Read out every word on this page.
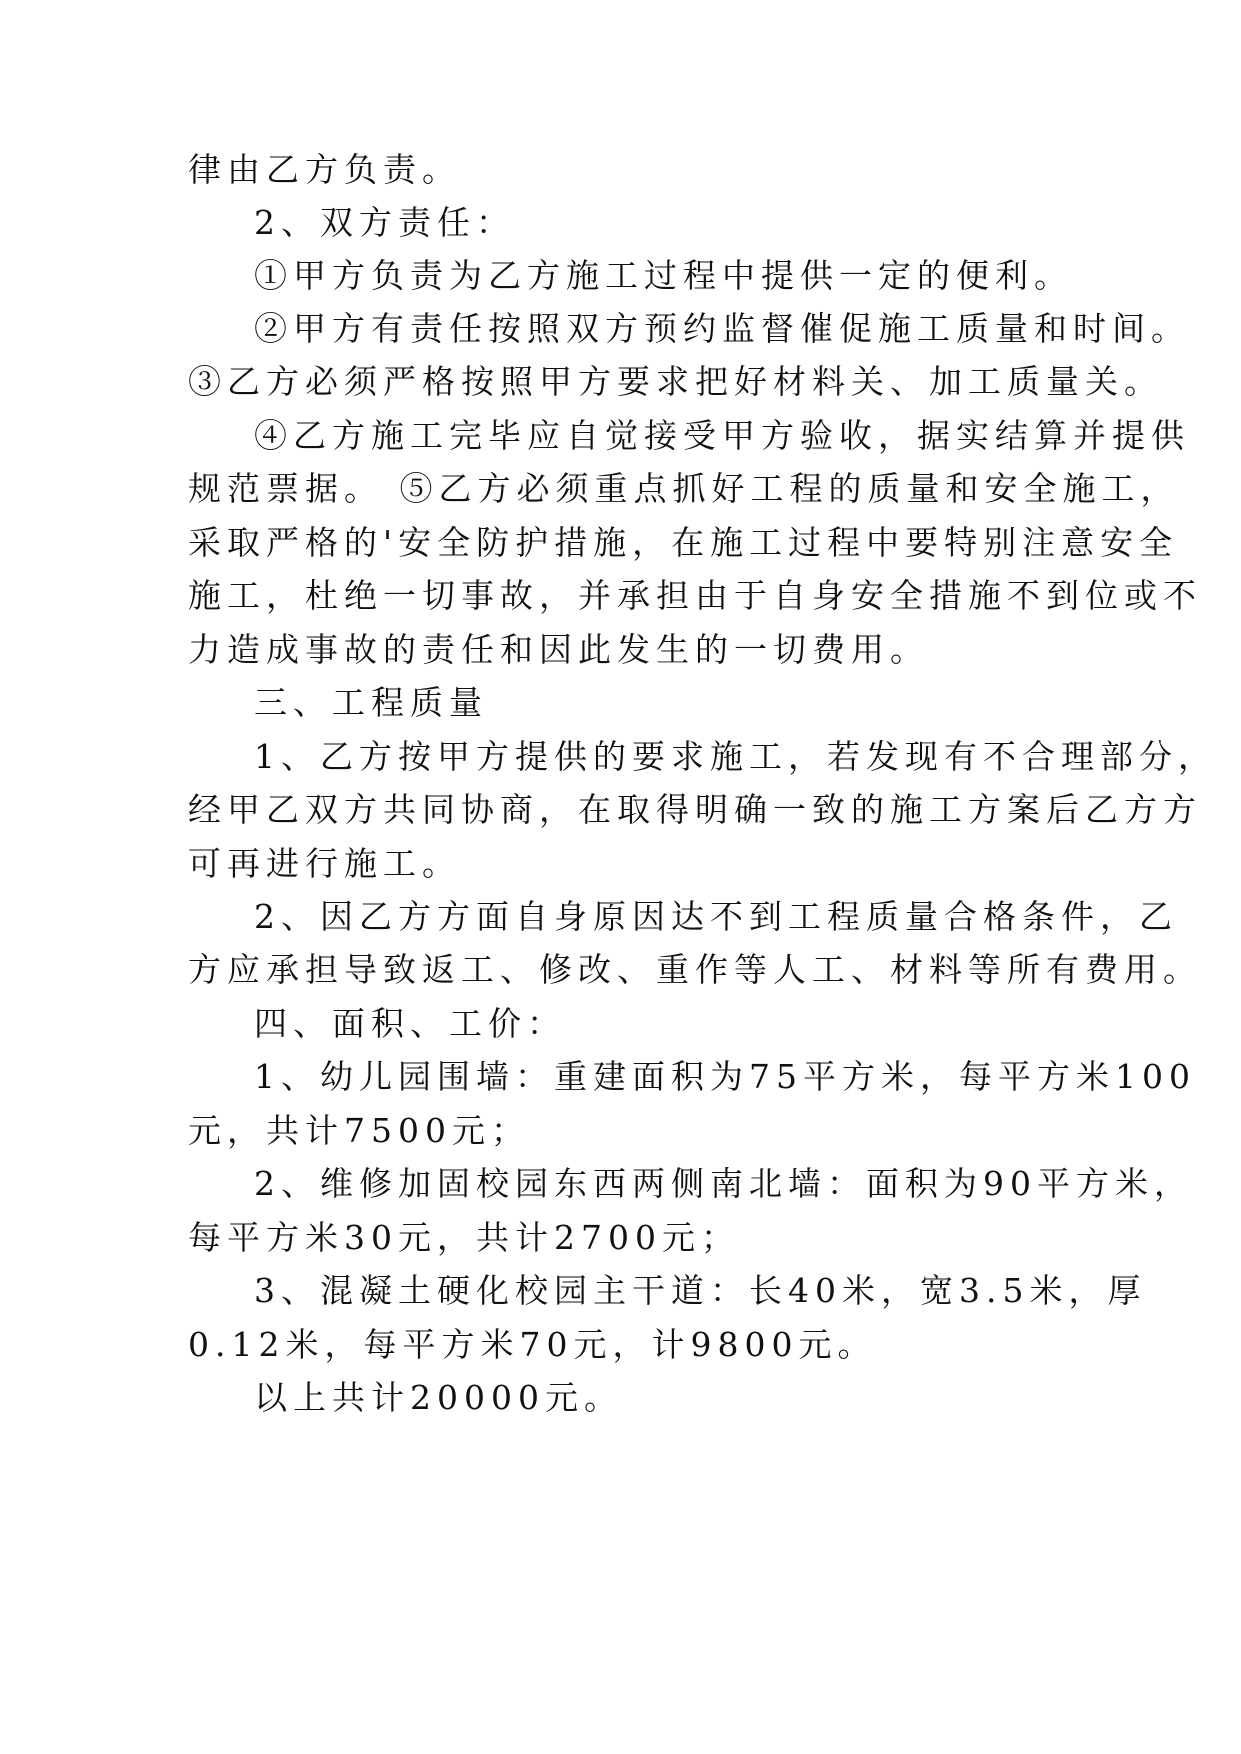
律由乙方负责。
2、双方责任：
①甲方负责为乙方施工过程中提供一定的便利。
②甲方有责任按照双方预约监督催促施工质量和时间。
③乙方必须严格按照甲方要求把好材料关、加工质量关。
④乙方施工完毕应自觉接受甲方验收，据实结算并提供
规范票据。 ⑤乙方必须重点抓好工程的质量和安全施工，
采取严格的'安全防护措施，在施工过程中要特别注意安全
施工，杜绝一切事故，并承担由于自身安全措施不到位或不
力造成事故的责任和因此发生的一切费用。
三、工程质量
1、乙方按甲方提供的要求施工，若发现有不合理部分，
经甲乙双方共同协商，在取得明确一致的施工方案后乙方方
可再进行施工。
2、因乙方方面自身原因达不到工程质量合格条件，乙
方应承担导致返工、修改、重作等人工、材料等所有费用。
四、面积、工价：
1、幼儿园围墙：重建面积为75平方米，每平方米100
元，共计7500元；
2、维修加固校园东西两侧南北墙：面积为90平方米，
每平方米30元，共计2700元；
3、混凝土硬化校园主干道：长40米，宽3.5米，厚
0.12米，每平方米70元，计9800元。
以上共计20000元。
